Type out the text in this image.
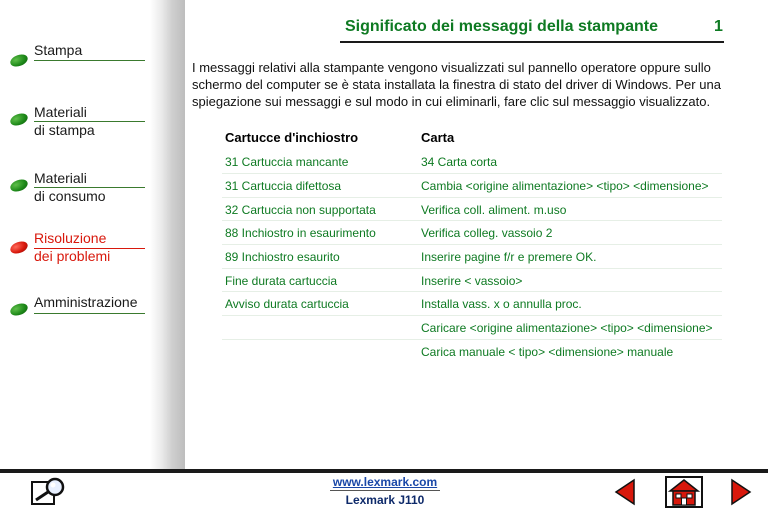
Stampa
Materiali
di stampa
Materiali
di consumo
Risoluzione
dei problemi
Amministrazione
Significato dei messaggi della stampante	1
I messaggi relativi alla stampante vengono visualizzati sul pannello operatore oppure sullo schermo del computer se è stata installata la finestra di stato del driver di Windows. Per una spiegazione sui messaggi e sul modo in cui eliminarli, fare clic sul messaggio visualizzato.
Cartucce d'inchiostro	Carta
31 Cartuccia mancante
31 Cartuccia difettosa
32 Cartuccia non supportata
88 Inchiostro in esaurimento
89 Inchiostro esaurito
Fine durata cartuccia
Avviso durata cartuccia
34 Carta corta
Cambia <origine alimentazione> <tipo> <dimensione>
Verifica coll. aliment. m.uso
Verifica colleg. vassoio 2
Inserire pagine f/r e premere OK.
Inserire < vassoio>
Installa vass. x o annulla proc.
Caricare <origine alimentazione> <tipo> <dimensione>
Carica manuale < tipo> <dimensione> manuale
www.lexmark.com
Lexmark J110
